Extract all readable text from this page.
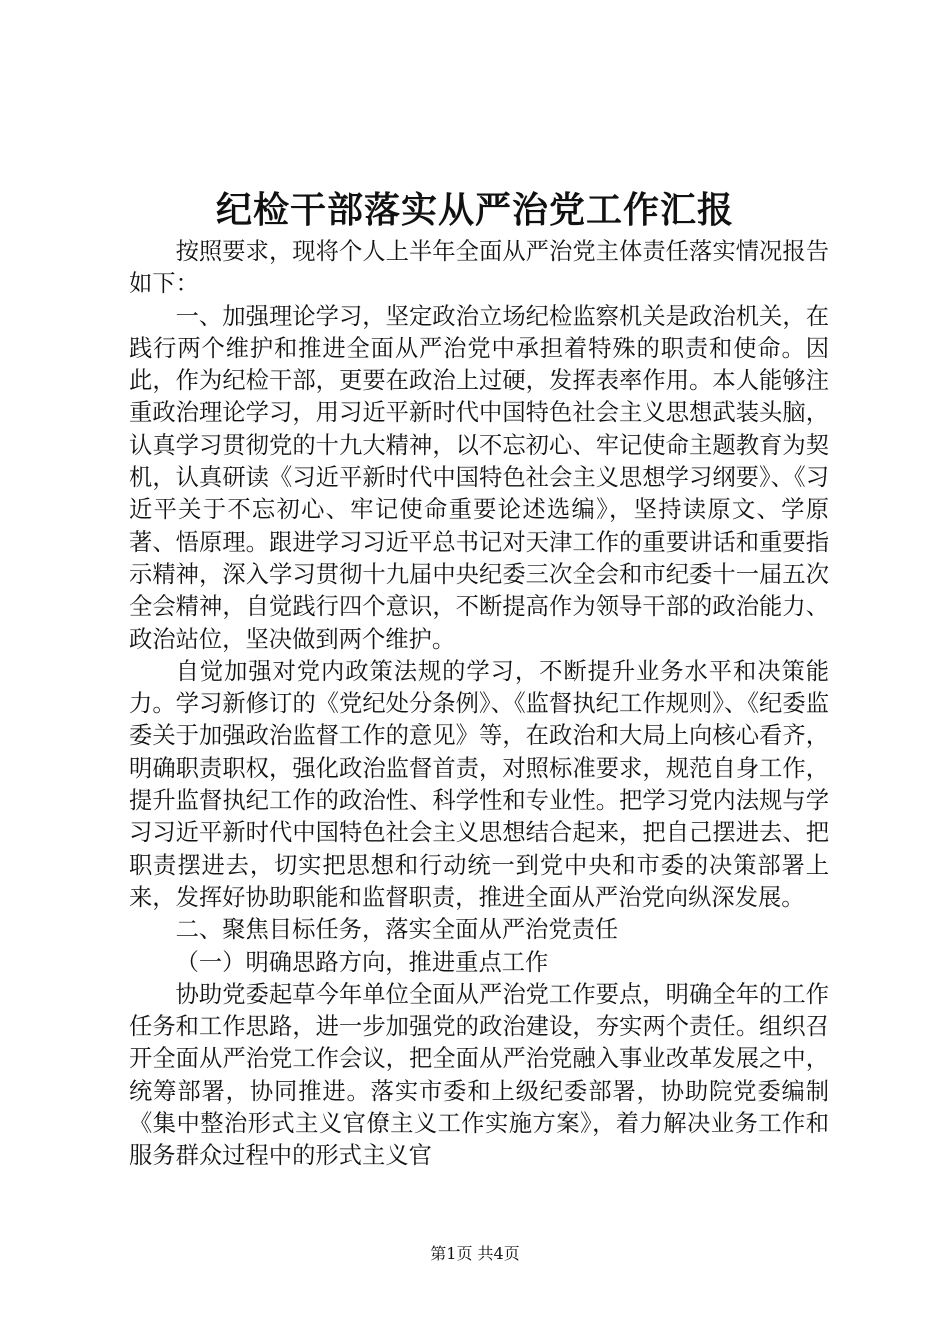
纪检干部落实从严治党工作汇报

按照要求，现将个人上半年全面从严治党主体责任落实情况报告如下：

一、加强理论学习，坚定政治立场纪检监察机关是政治机关，在践行两个维护和推进全面从严治党中承担着特殊的职责和使命。因此，作为纪检干部，更要在政治上过硬，发挥表率作用。本人能够注重政治理论学习，用习近平新时代中国特色社会主义思想武装头脑，认真学习贯彻党的十九大精神，以不忘初心、牢记使命主题教育为契机，认真研读《习近平新时代中国特色社会主义思想学习纲要》、《习近平关于不忘初心、牢记使命重要论述选编》，坚持读原文、学原著、悟原理。跟进学习习近平总书记对天津工作的重要讲话和重要指示精神，深入学习贯彻十九届中央纪委三次全会和市纪委十一届五次全会精神，自觉践行四个意识，不断提高作为领导干部的政治能力、政治站位，坚决做到两个维护。

自觉加强对党内政策法规的学习，不断提升业务水平和决策能力。学习新修订的《党纪处分条例》、《监督执纪工作规则》、《纪委监委关于加强政治监督工作的意见》等，在政治和大局上向核心看齐，明确职责职权，强化政治监督首责，对照标准要求，规范自身工作，提升监督执纪工作的政治性、科学性和专业性。把学习党内法规与学习习近平新时代中国特色社会主义思想结合起来，把自己摆进去、把职责摆进去，切实把思想和行动统一到党中央和市委的决策部署上来，发挥好协助职能和监督职责，推进全面从严治党向纵深发展。

二、聚焦目标任务，落实全面从严治党责任

（一）明确思路方向，推进重点工作

协助党委起草今年单位全面从严治党工作要点，明确全年的工作任务和工作思路，进一步加强党的政治建设，夯实两个责任。组织召开全面从严治党工作会议，把全面从严治党融入事业改革发展之中，统筹部署，协同推进。落实市委和上级纪委部署，协助院党委编制《集中整治形式主义官僚主义工作实施方案》，着力解决业务工作和服务群众过程中的形式主义官

第1页 共4页
